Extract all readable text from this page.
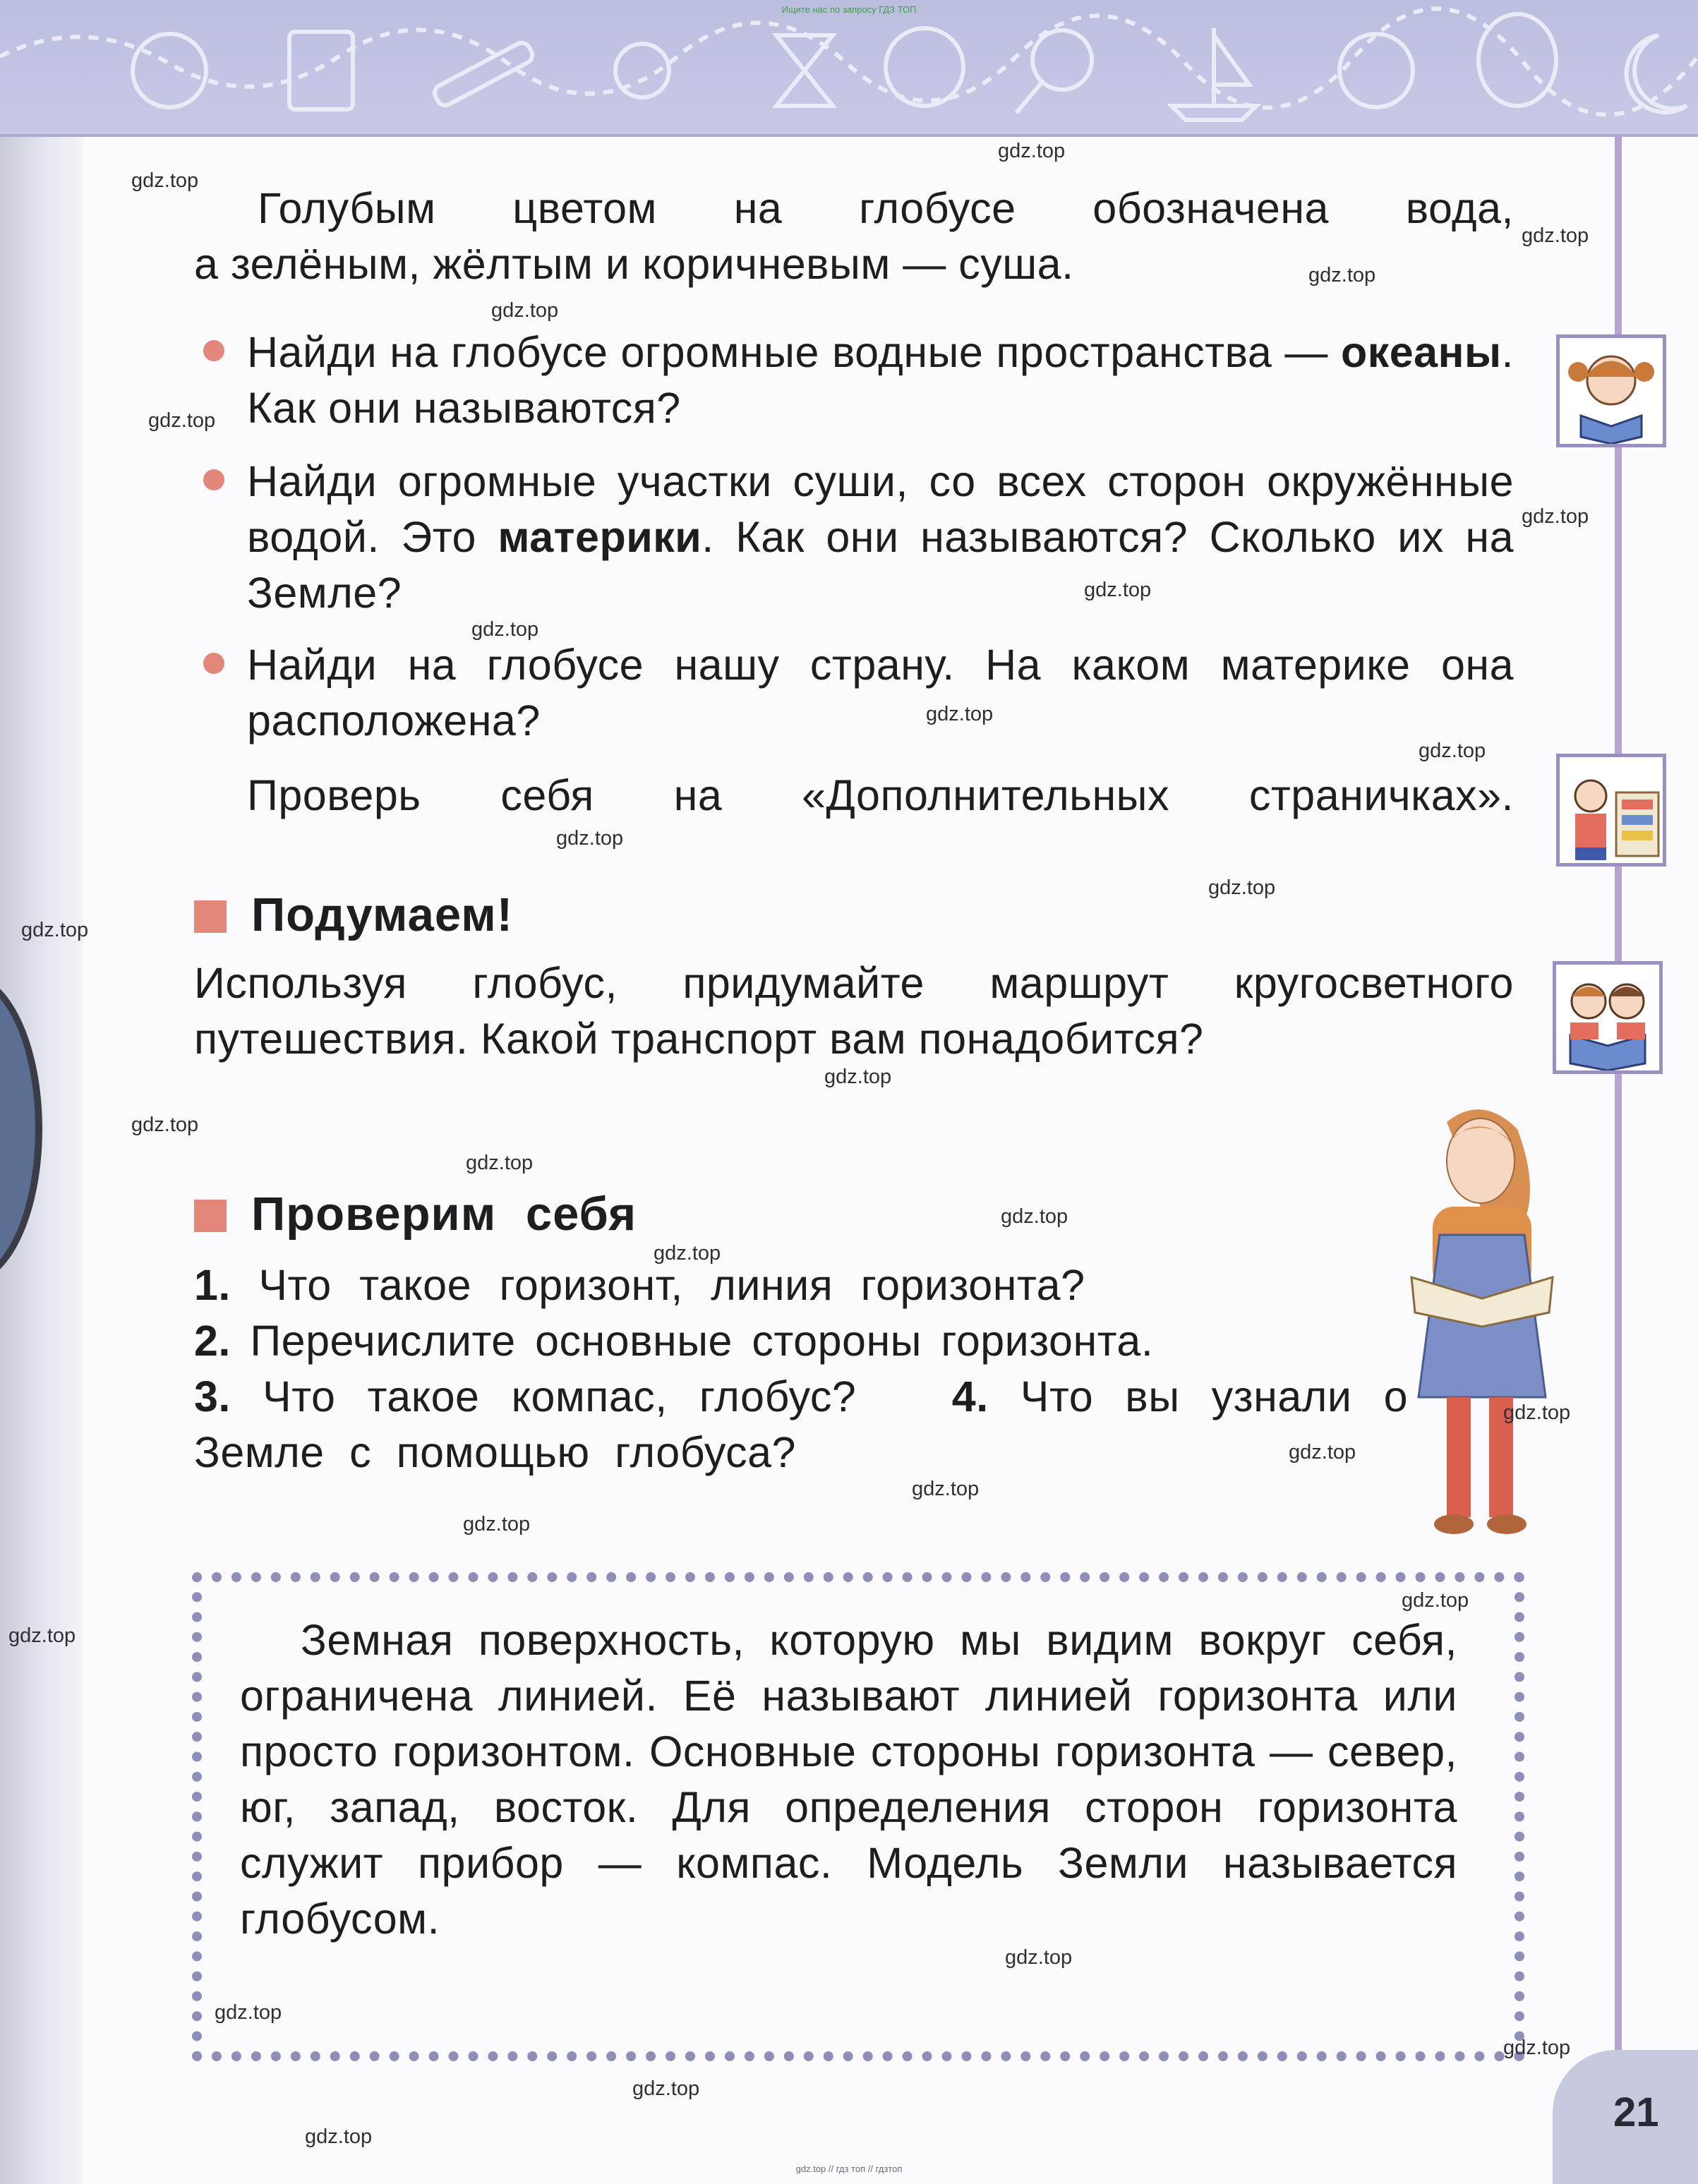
Ищите нас по запросу ГДЗ ТОП
Голубым цветом на глобусе обозначена вода,
а зелёным, жёлтым и коричневым — суша.
Найди на глобусе огромные водные пространства — океаны. Как они называются?
Найди огромные участки суши, со всех сторон окружённые водой. Это материки. Как они называются? Сколько их на Земле?
Найди на глобусе нашу страну. На каком материке она расположена?
Проверь себя на «Дополнительных страничках».
Подумаем!
Используя глобус, придумайте маршрут кругосветного путешествия. Какой транспорт вам понадобится?
Проверим себя
1. Что такое горизонт, линия горизонта?
2. Перечислите основные стороны горизонта.
3. Что такое компас, глобус? 4. Что вы узнали о Земле с помощью глобуса?
Земная поверхность, которую мы видим вокруг себя, ограничена линией. Её называют линией горизонта или просто горизонтом. Основные стороны горизонта — север, юг, запад, восток. Для определения сторон горизонта служит прибор — компас. Модель Земли называется глобусом.
gdz.top
gdz.top
gdz.top
gdz.top
gdz.top
gdz.top
gdz.top
gdz.top
gdz.top
gdz.top
gdz.top
gdz.top
gdz.top
gdz.top
gdz.top
gdz.top
gdz.top
gdz.top
gdz.top
gdz.top
gdz.top
gdz.top
gdz.top
gdz.top
gdz.top
gdz.top
gdz.top
gdz.top
gdz.top
gdz.top
21
gdz.top // гдз топ // гдзтоп
